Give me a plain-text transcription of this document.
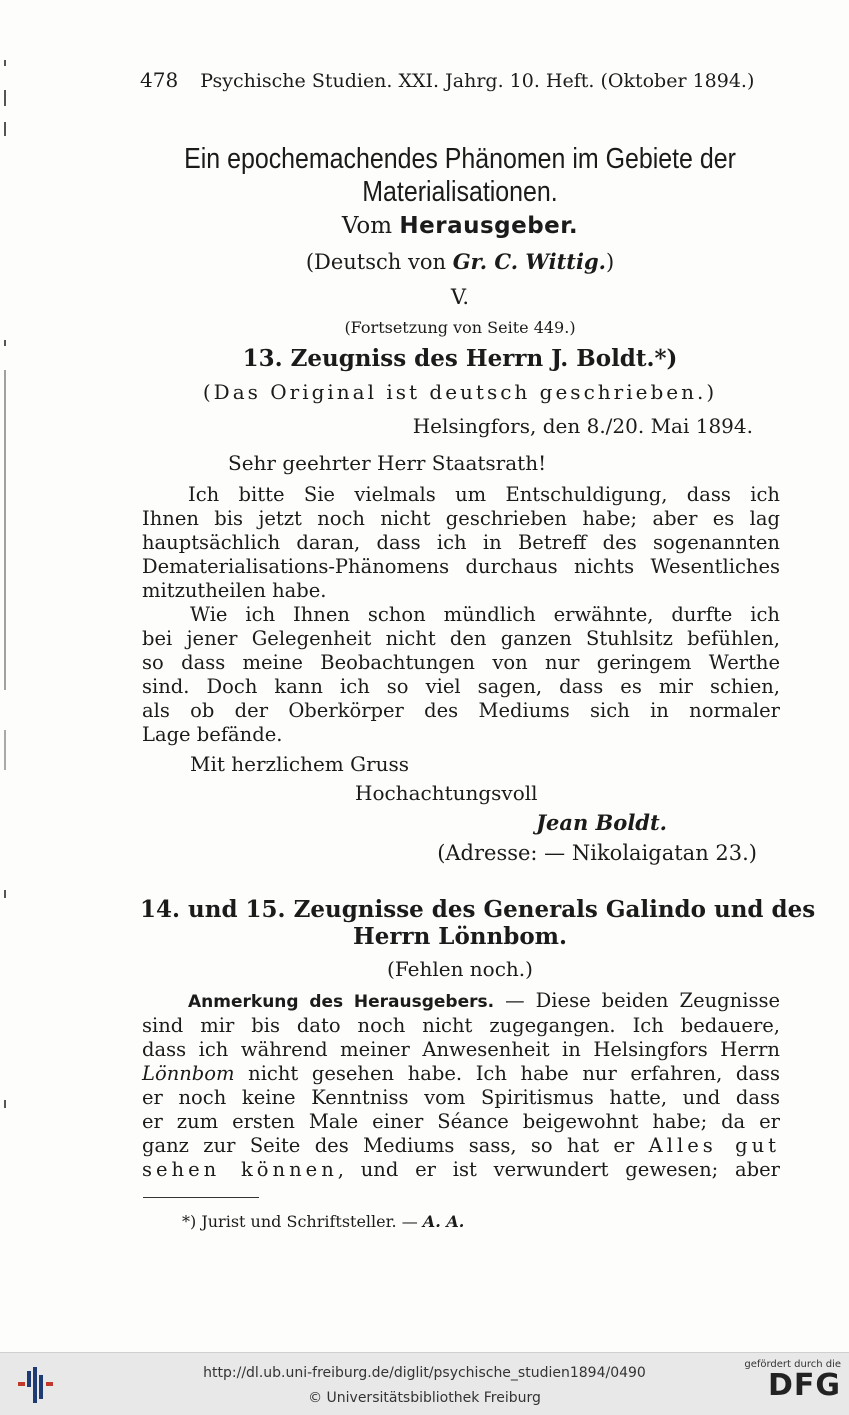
478 Psychische Studien. XXI. Jahrg. 10. Heft. (Oktober 1894.)
Ein epochemachendes Phänomen im Gebiete der
Materialisationen.
Vom Herausgeber.
(Deutsch von Gr. C. Wittig.)
V.
(Fortsetzung von Seite 449.)
13. Zeugniss des Herrn J. Boldt.*)
(Das Original ist deutsch geschrieben.)
Helsingfors, den 8./20. Mai 1894.
Sehr geehrter Herr Staatsrath!
Ich bitte Sie vielmals um Entschuldigung, dass ich
Ihnen bis jetzt noch nicht geschrieben habe; aber es lag
hauptsächlich daran, dass ich in Betreff des sogenannten
Dematerialisations-Phänomens durchaus nichts Wesentliches
mitzutheilen habe.
Wie ich Ihnen schon mündlich erwähnte, durfte ich
bei jener Gelegenheit nicht den ganzen Stuhlsitz befühlen,
so dass meine Beobachtungen von nur geringem Werthe
sind. Doch kann ich so viel sagen, dass es mir schien,
als ob der Oberkörper des Mediums sich in normaler
Lage befände.
Mit herzlichem Gruss
Hochachtungsvoll
Jean Boldt.
(Adresse: — Nikolaigatan 23.)
14. und 15. Zeugnisse des Generals Galindo und des
Herrn Lönnbom.
(Fehlen noch.)
Anmerkung des Herausgebers. — Diese beiden Zeugnisse
sind mir bis dato noch nicht zugegangen. Ich bedauere,
dass ich während meiner Anwesenheit in Helsingfors Herrn
Lönnbom nicht gesehen habe. Ich habe nur erfahren, dass
er noch keine Kenntniss vom Spiritismus hatte, und dass
er zum ersten Male einer Séance beigewohnt habe; da er
ganz zur Seite des Mediums sass, so hat er Alles gut
sehen können, und er ist verwundert gewesen; aber
*) Jurist und Schriftsteller. — A. A.
http://dl.ub.uni-freiburg.de/diglit/psychische_studien1894/0490
© Universitätsbibliothek Freiburg
gefördert durch die
DFG
